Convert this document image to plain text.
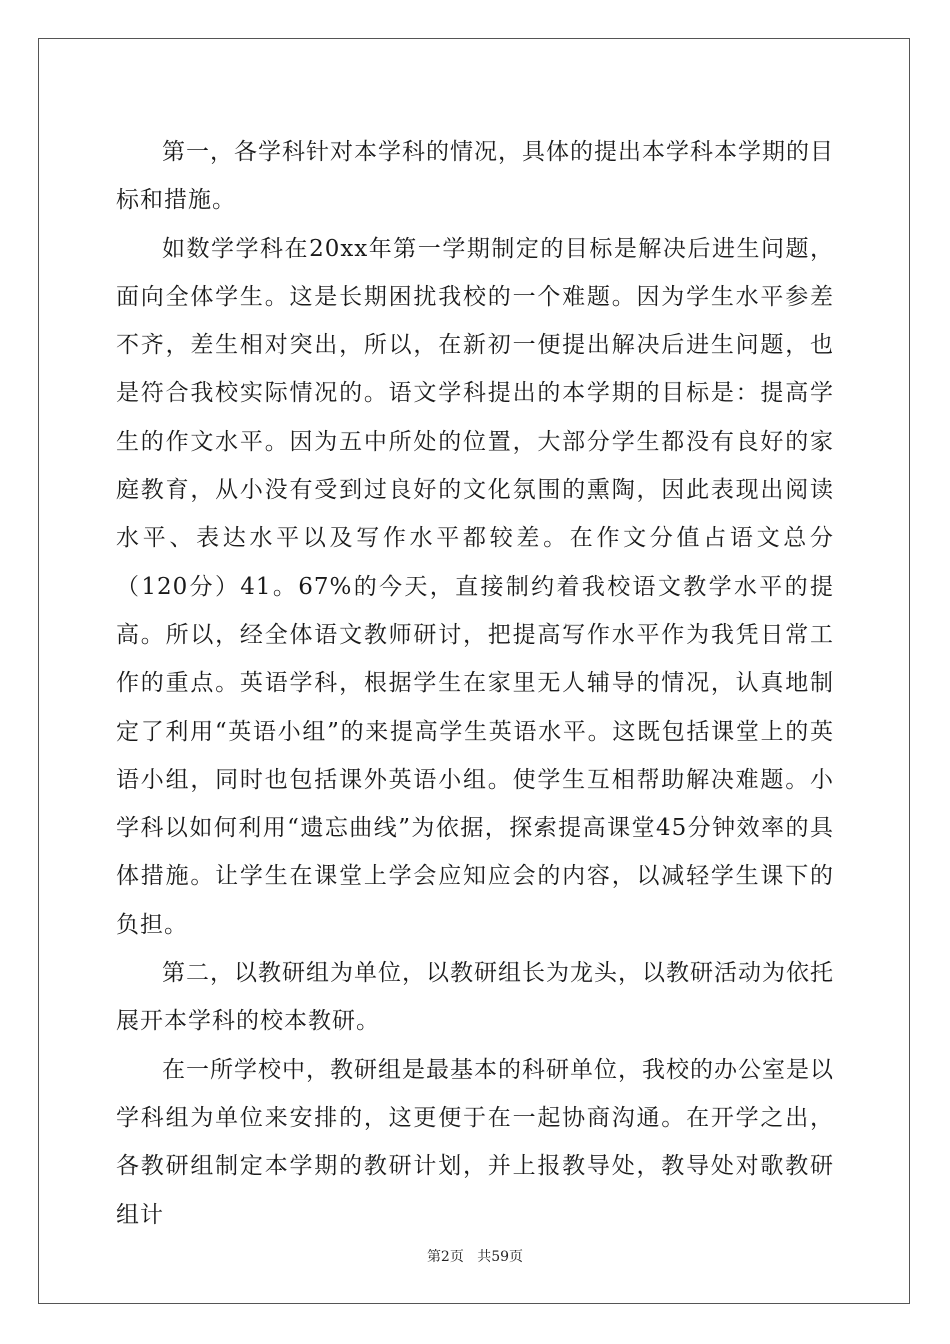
第一，各学科针对本学科的情况，具体的提出本学科本学期的目标和措施。

如数学学科在20xx年第一学期制定的目标是解决后进生问题，面向全体学生。这是长期困扰我校的一个难题。因为学生水平参差不齐，差生相对突出，所以，在新初一便提出解决后进生问题，也是符合我校实际情况的。语文学科提出的本学期的目标是：提高学生的作文水平。因为五中所处的位置，大部分学生都没有良好的家庭教育，从小没有受到过良好的文化氛围的熏陶，因此表现出阅读水平、表达水平以及写作水平都较差。在作文分值占语文总分（120分）41。67%的今天，直接制约着我校语文教学水平的提高。所以，经全体语文教师研讨，把提高写作水平作为我凭日常工作的重点。英语学科，根据学生在家里无人辅导的情况，认真地制定了利用“英语小组”的来提高学生英语水平。这既包括课堂上的英语小组，同时也包括课外英语小组。使学生互相帮助解决难题。小学科以如何利用“遗忘曲线”为依据，探索提高课堂45分钟效率的具体措施。让学生在课堂上学会应知应会的内容，以减轻学生课下的负担。

第二，以教研组为单位，以教研组长为龙头，以教研活动为依托展开本学科的校本教研。

在一所学校中，教研组是最基本的科研单位，我校的办公室是以学科组为单位来安排的，这更便于在一起协商沟通。在开学之出，各教研组制定本学期的教研计划，并上报教导处，教导处对歌教研组计

第2页 共59页
